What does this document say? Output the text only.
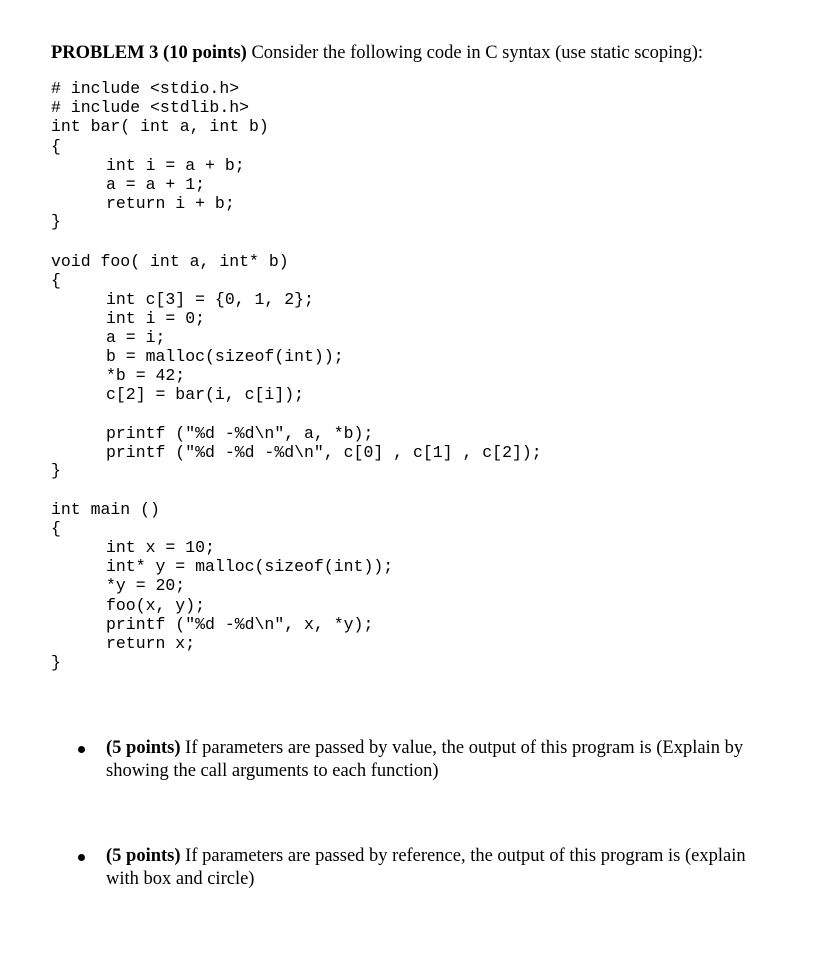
PROBLEM 3 (10 points) Consider the following code in C syntax (use static scoping):
# include <stdio.h>
# include <stdlib.h>
int bar( int a, int b)
{
int i = a + b;
a = a + 1;
return i + b;
}
void foo( int a, int* b)
{
int c[3] = {0, 1, 2};
int i = 0;
a = i;
b = malloc(sizeof(int));
*b = 42;
c[2] = bar(i, c[i]);
printf ("%d -%d\n", a, *b);
printf ("%d -%d -%d\n", c[0] , c[1] , c[2]);
}
int main ()
{
int x = 10;
int* y = malloc(sizeof(int));
*y = 20;
foo(x, y);
printf ("%d -%d\n", x, *y);
return x;
}
(5 points) If parameters are passed by value, the output of this program is (Explain by showing the call arguments to each function)
(5 points) If parameters are passed by reference, the output of this program is (explain with box and circle)
